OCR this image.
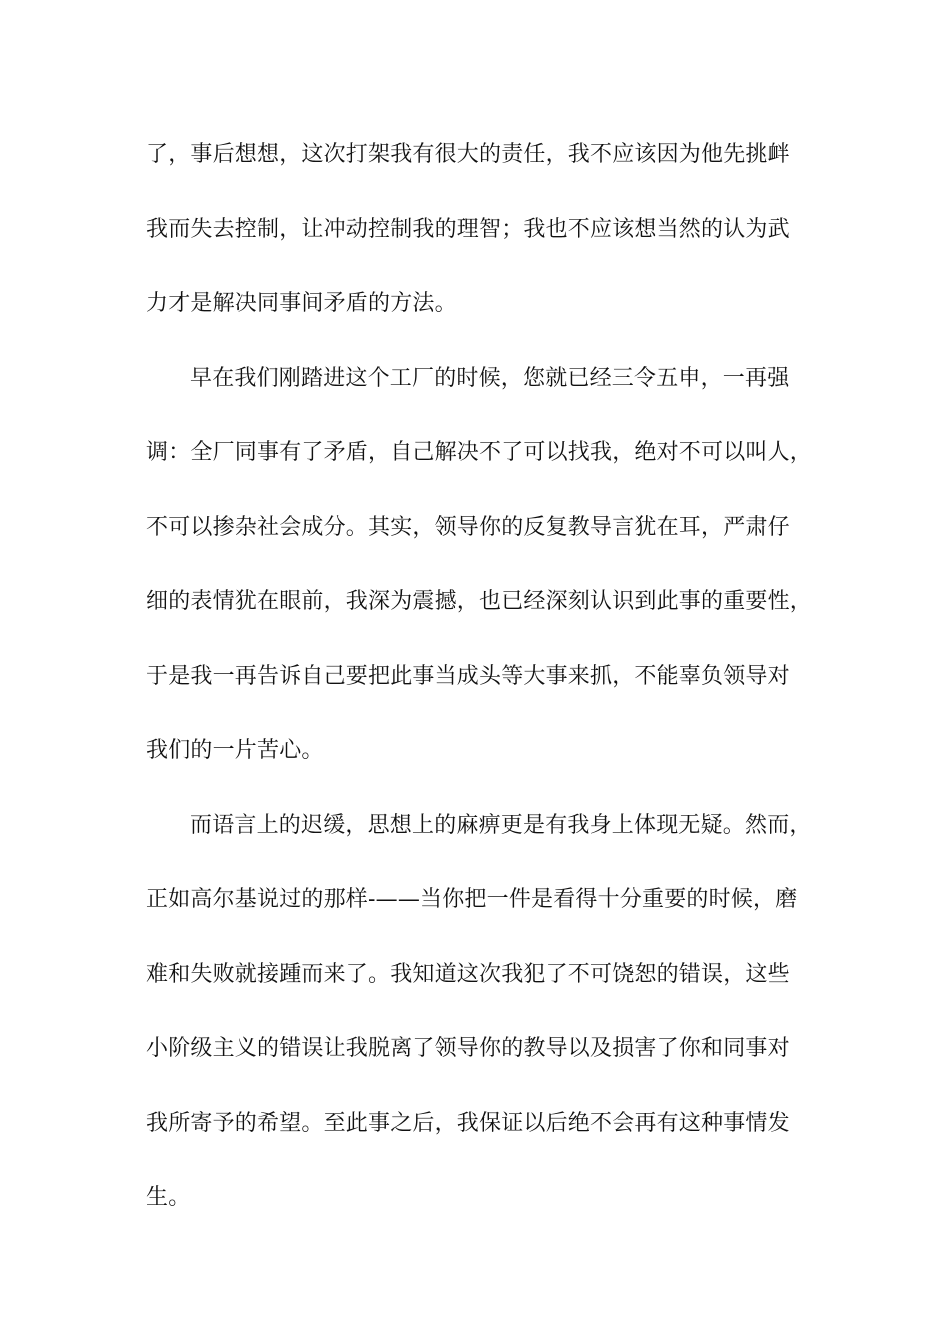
了，事后想想，这次打架我有很大的责任，我不应该因为他先挑衅
我而失去控制，让冲动控制我的理智；我也不应该想当然的认为武
力才是解决同事间矛盾的方法。
早在我们刚踏进这个工厂的时候，您就已经三令五申，一再强
调：全厂同事有了矛盾，自己解决不了可以找我，绝对不可以叫人，
不可以掺杂社会成分。其实，领导你的反复教导言犹在耳，严肃仔
细的表情犹在眼前，我深为震撼，也已经深刻认识到此事的重要性，
于是我一再告诉自己要把此事当成头等大事来抓，不能辜负领导对
我们的一片苦心。
而语言上的迟缓，思想上的麻痹更是有我身上体现无疑。然而，
正如高尔基说过的那样-——当你把一件是看得十分重要的时候，磨
难和失败就接踵而来了。我知道这次我犯了不可饶恕的错误，这些
小阶级主义的错误让我脱离了领导你的教导以及损害了你和同事对
我所寄予的希望。至此事之后，我保证以后绝不会再有这种事情发
生。
